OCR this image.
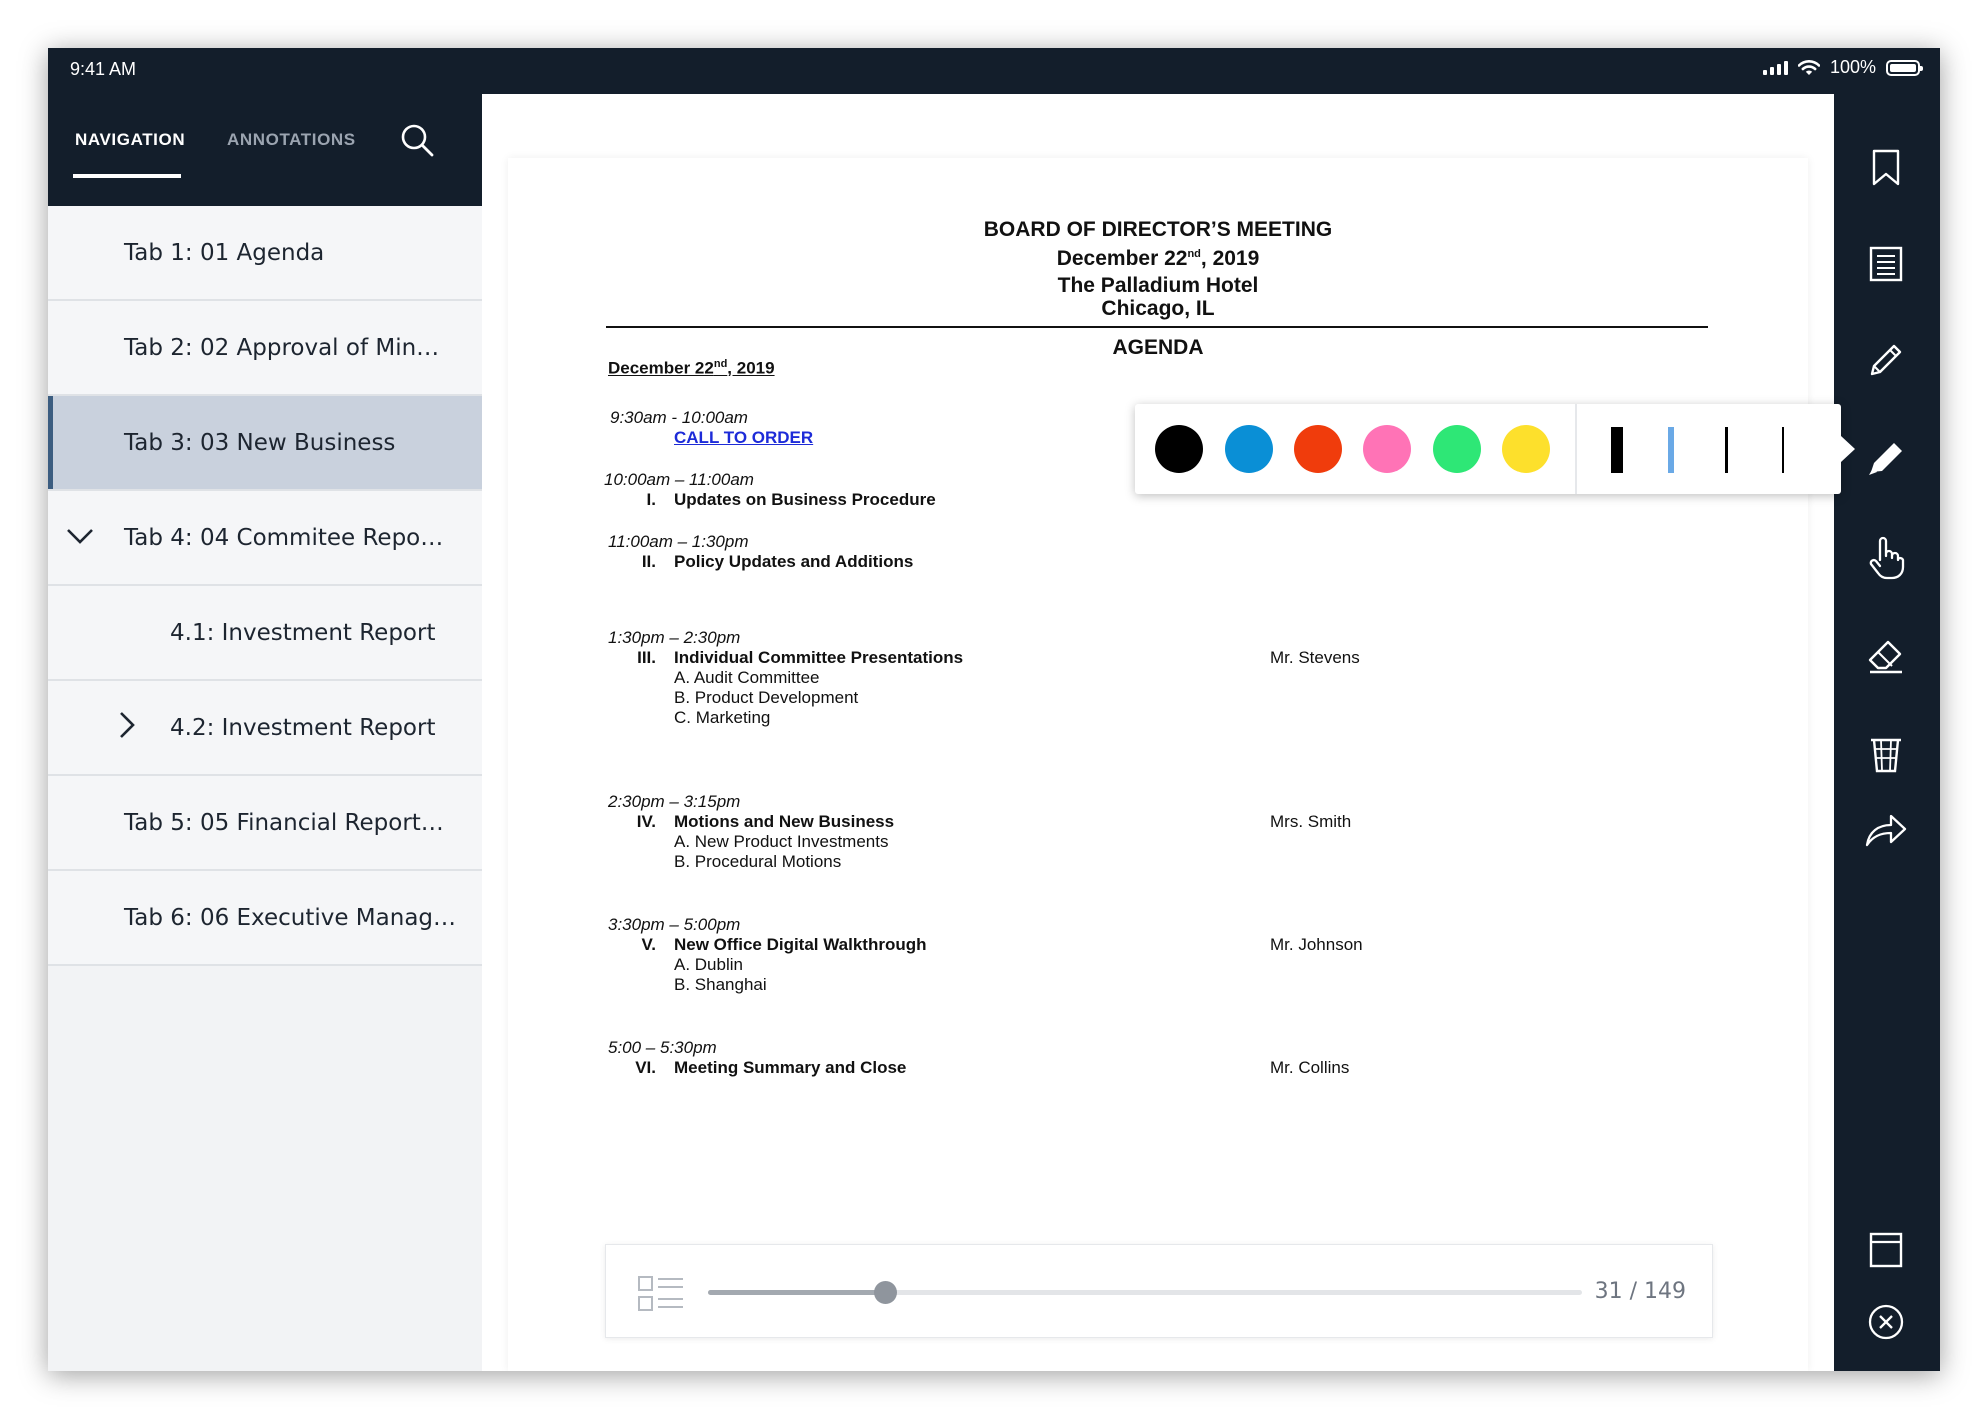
9:41 AM	100%
NAVIGATION ANNOTATIONS
Tab 1: 01 Agenda
Tab 2: 02 Approval of Min…
Tab 3: 03 New Business
Tab 4: 04 Commitee Repo…
4.1: Investment Report
4.2: Investment Report
Tab 5: 05 Financial Report…
Tab 6: 06 Executive Manag…
BOARD OF DIRECTOR’S MEETING
December 22nd, 2019
The Palladium Hotel
Chicago, IL
AGENDA
December 22nd, 2019
9:30am - 10:00am
CALL TO ORDER
10:00am – 11:00am
I. Updates on Business Procedure
11:00am – 1:30pm
II. Policy Updates and Additions
1:30pm – 2:30pm
III. Individual Committee Presentations	Mr. Stevens
A. Audit Committee
B. Product Development
C. Marketing
2:30pm – 3:15pm
IV. Motions and New Business	Mrs. Smith
A. New Product Investments
B. Procedural Motions
3:30pm – 5:00pm
V. New Office Digital Walkthrough	Mr. Johnson
A. Dublin
B. Shanghai
5:00 – 5:30pm
VI. Meeting Summary and Close	Mr. Collins
31 / 149
